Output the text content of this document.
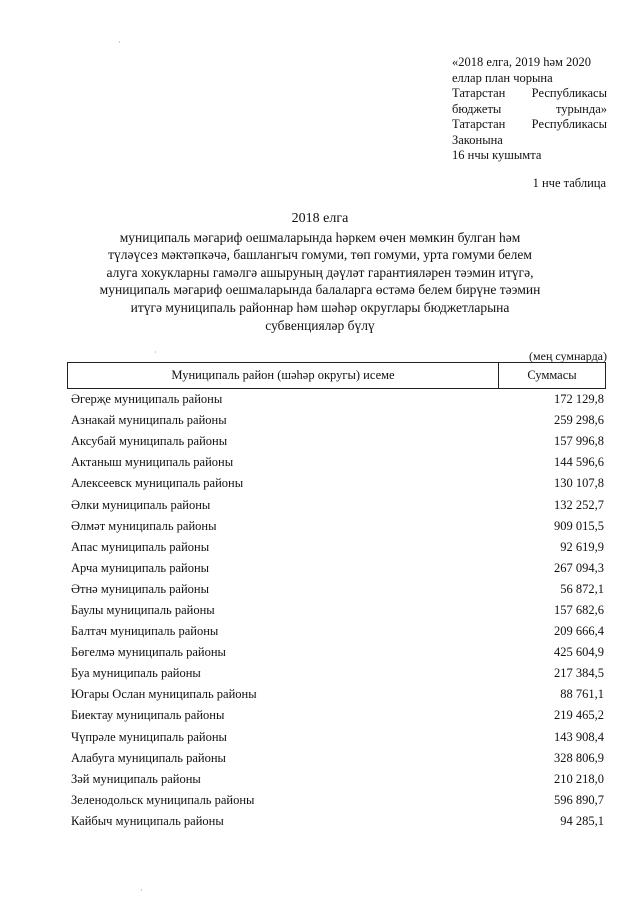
«2018 елга, 2019 һәм 2020
еллар план чорына
Татарстан Республикасы
бюджеты	турында»
Татарстан Республикасы
Законына
16 нчы кушымта
1 нче таблица
2018 елга
муниципаль мәгариф оешмаларында һәркем өчен мөмкин булган һәм
түләүсез мәктәпкәчә, башлангыч гомуми, төп гомуми, урта гомуми белем
алуга хокукларны гамәлгә ашыруның дәүләт гарантияләрен тәэмин итүгә,
муниципаль мәгариф оешмаларында балаларга өстәмә белем бирүне тәэмин
итүгә муниципаль районнар һәм шәһәр округлары бюджетларына
субвенцияләр бүлү
(мең сумнарда)
Муниципаль район (шәһәр округы) исеме	Суммасы
Әгерҗе муниципаль районы	172 129,8
Азнакай муниципаль районы	259 298,6
Аксубай муниципаль районы	157 996,8
Актаныш муниципаль районы	144 596,6
Алексеевск муниципаль районы	130 107,8
Әлки муниципаль районы	132 252,7
Әлмәт муниципаль районы	909 015,5
Апас муниципаль районы	92 619,9
Арча муниципаль районы	267 094,3
Әтнә муниципаль районы	56 872,1
Баулы муниципаль районы	157 682,6
Балтач муниципаль районы	209 666,4
Бөгелмә муниципаль районы	425 604,9
Буа муниципаль районы	217 384,5
Югары Ослан муниципаль районы	88 761,1
Биектау муниципаль районы	219 465,2
Чүпрәле муниципаль районы	143 908,4
Алабуга муниципаль районы	328 806,9
Зәй муниципаль районы	210 218,0
Зеленодольск муниципаль районы	596 890,7
Кайбыч муниципаль районы	94 285,1
·
·
·
